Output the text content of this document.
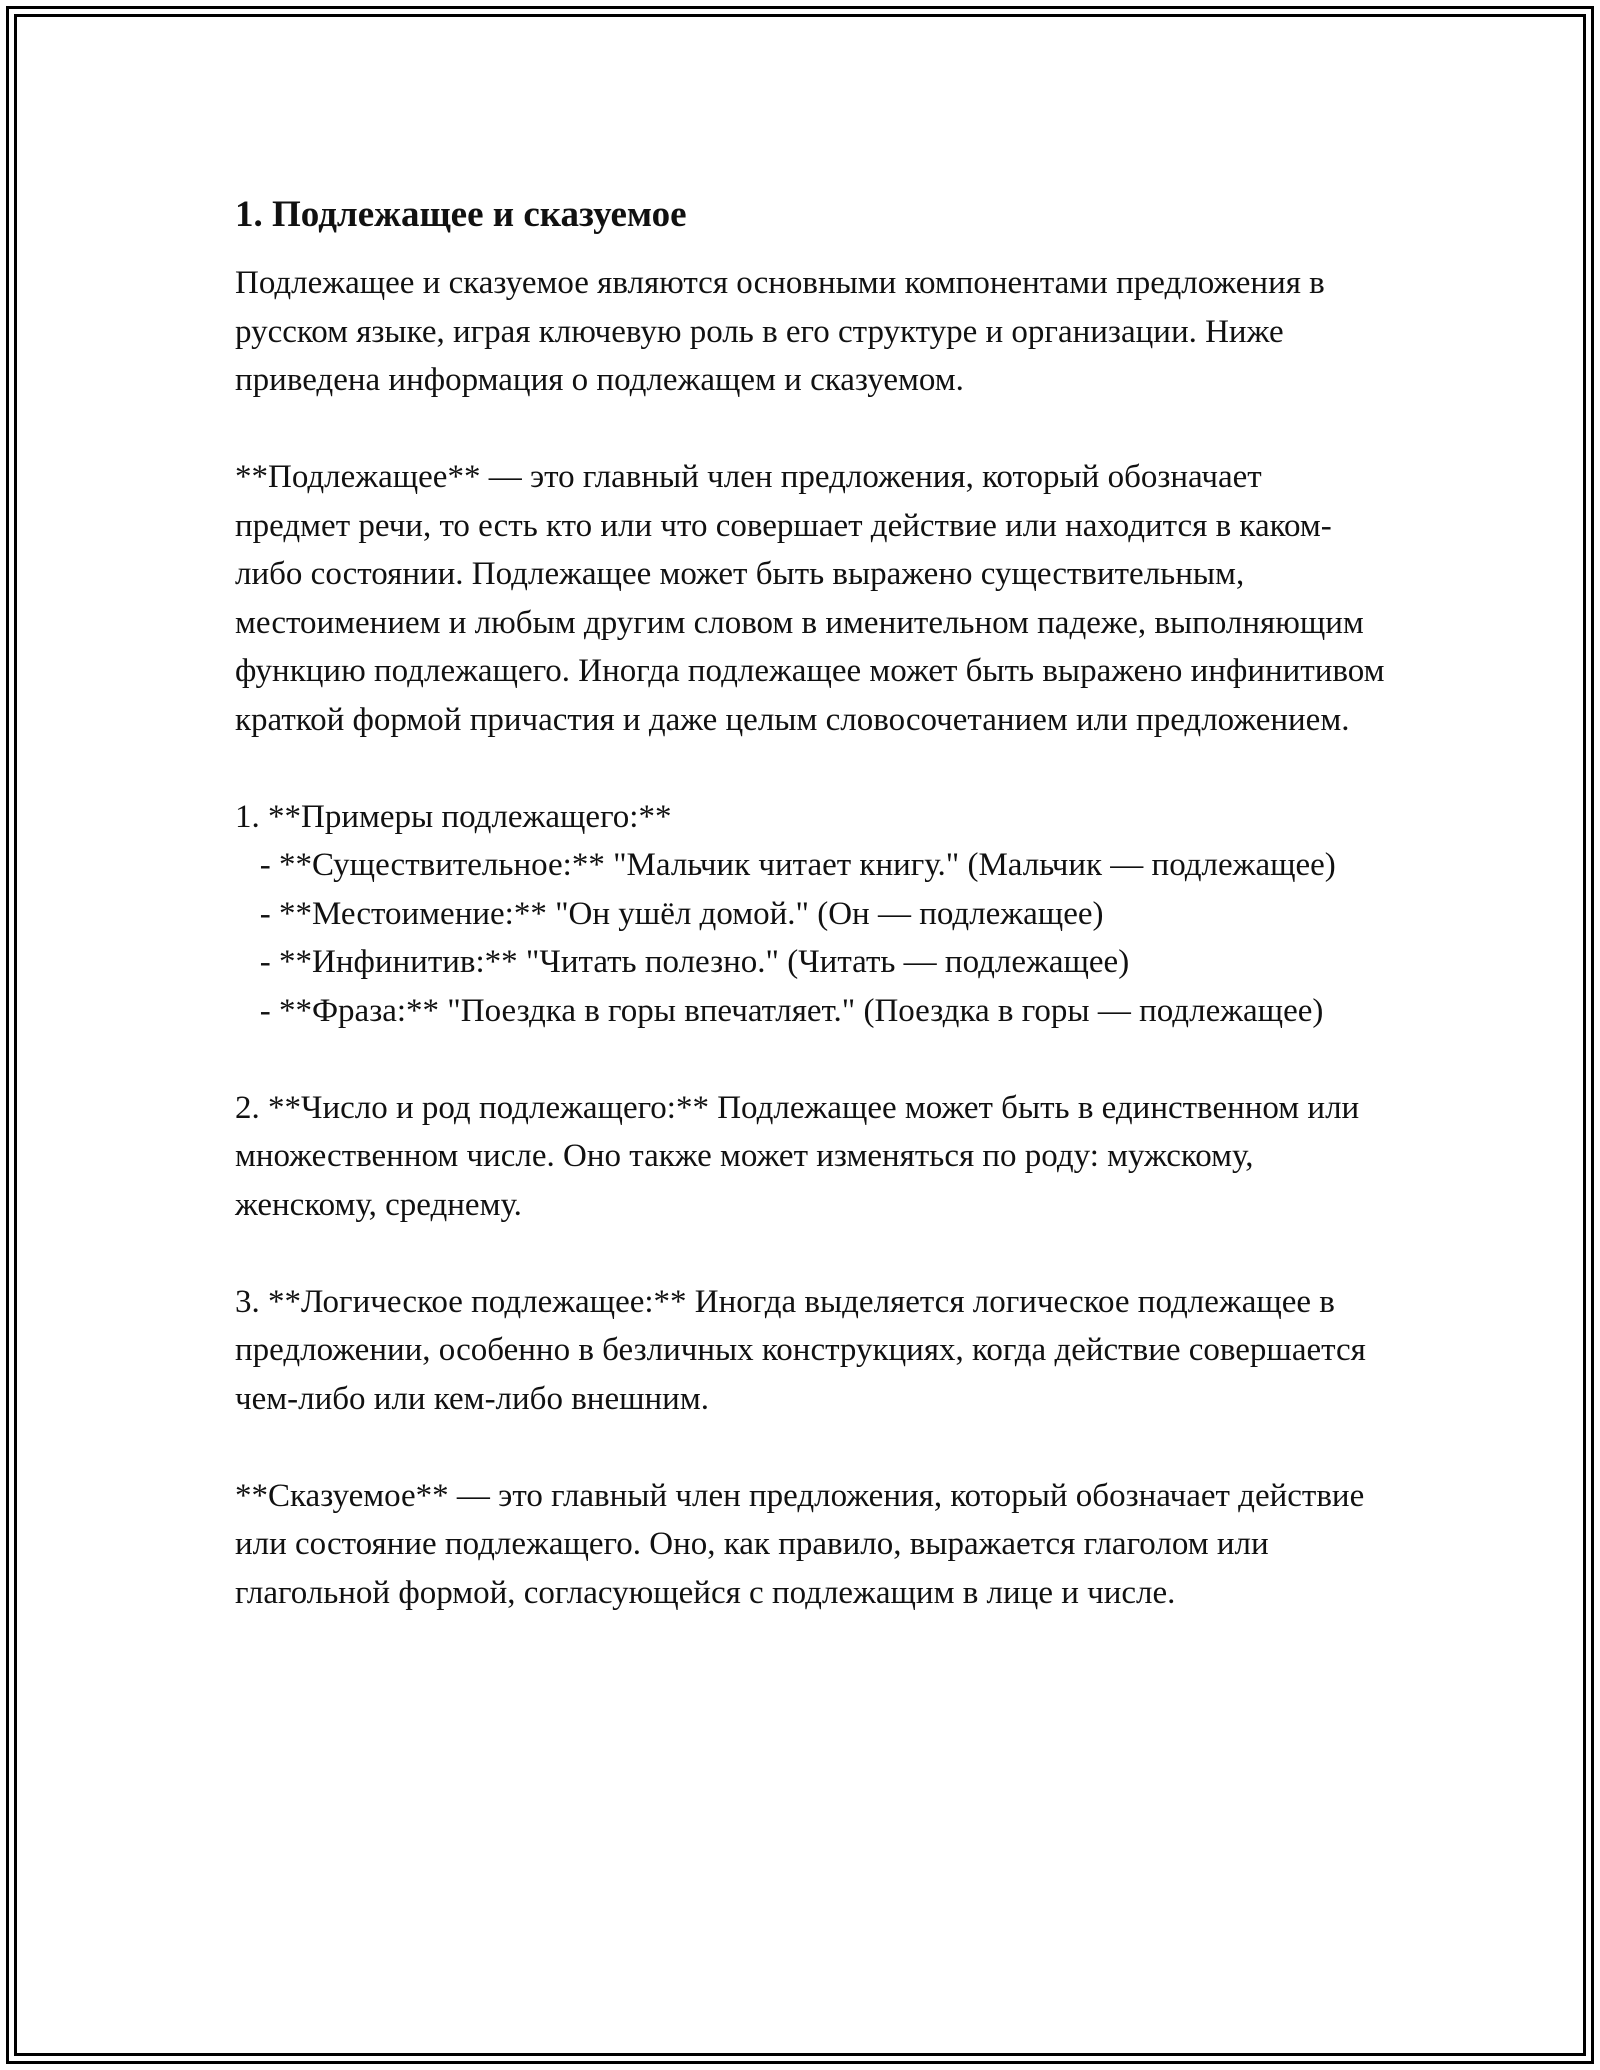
1. Подлежащее и сказуемое

Подлежащее и сказуемое являются основными компонентами предложения в русском языке, играя ключевую роль в его структуре и организации. Ниже приведена информация о подлежащем и сказуемом.

**Подлежащее** — это главный член предложения, который обозначает предмет речи, то есть кто или что совершает действие или находится в каком-либо состоянии. Подлежащее может быть выражено существительным, местоимением и любым другим словом в именительном падеже, выполняющим функцию подлежащего. Иногда подлежащее может быть выражено инфинитивом краткой формой причастия и даже целым словосочетанием или предложением.

1. **Примеры подлежащего:**
- **Существительное:** "Мальчик читает книгу." (Мальчик — подлежащее)
- **Местоимение:** "Он ушёл домой." (Он — подлежащее)
- **Инфинитив:** "Читать полезно." (Читать — подлежащее)
- **Фраза:** "Поездка в горы впечатляет." (Поездка в горы — подлежащее)

2. **Число и род подлежащего:** Подлежащее может быть в единственном или множественном числе. Оно также может изменяться по роду: мужскому, женскому, среднему.

3. **Логическое подлежащее:** Иногда выделяется логическое подлежащее в предложении, особенно в безличных конструкциях, когда действие совершается чем-либо или кем-либо внешним.

**Сказуемое** — это главный член предложения, который обозначает действие или состояние подлежащего. Оно, как правило, выражается глаголом или глагольной формой, согласующейся с подлежащим в лице и числе.
